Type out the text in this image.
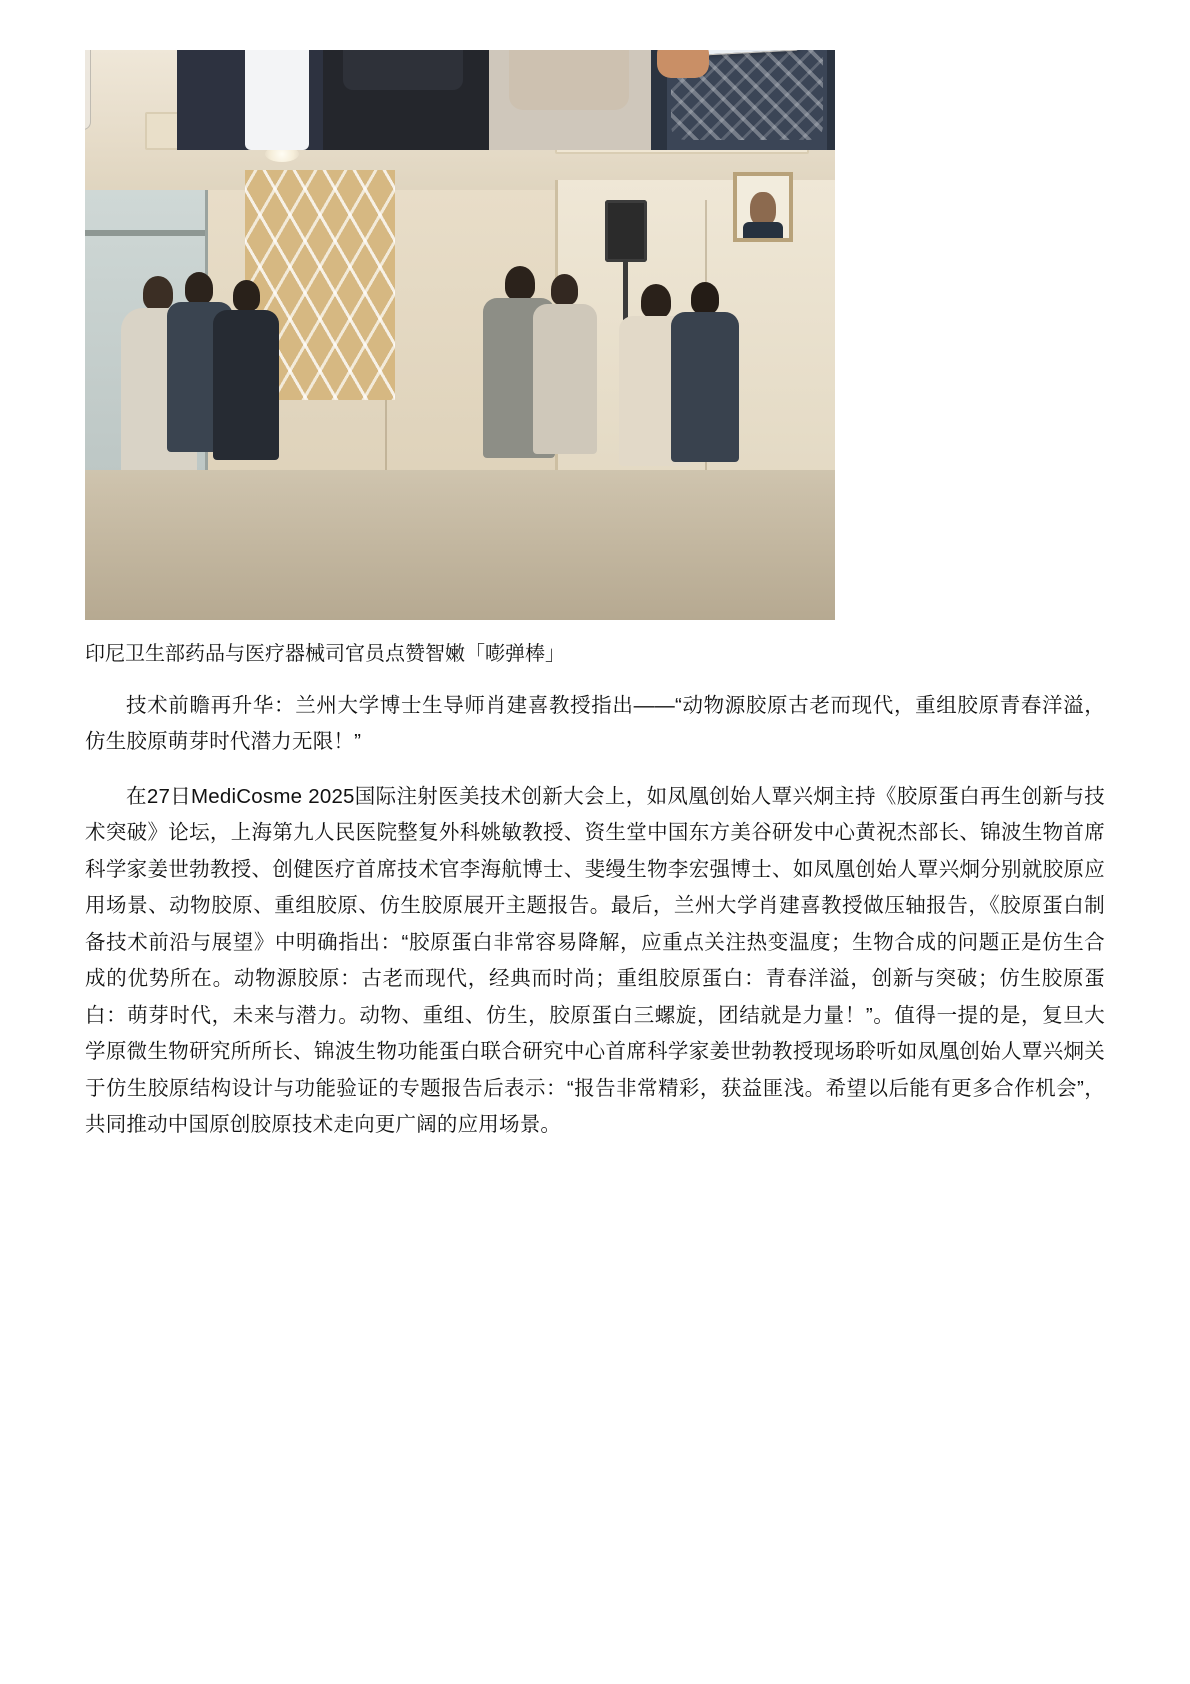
印尼卫生部药品与医疗器械司官员点赞智嫩「嘭弹棒」

技术前瞻再升华：兰州大学博士生导师肖建喜教授指出——“动物源胶原古老而现代，重组胶原青春洋溢，仿生胶原萌芽时代潜力无限！”

在27日MediCosme 2025国际注射医美技术创新大会上，如凤凰创始人覃兴炯主持《胶原蛋白再生创新与技术突破》论坛，上海第九人民医院整复外科姚敏教授、资生堂中国东方美谷研发中心黄祝杰部长、锦波生物首席科学家姜世勃教授、创健医疗首席技术官李海航博士、斐缦生物李宏强博士、如凤凰创始人覃兴炯分别就胶原应用场景、动物胶原、重组胶原、仿生胶原展开主题报告。最后，兰州大学肖建喜教授做压轴报告，《胶原蛋白制备技术前沿与展望》中明确指出：“胶原蛋白非常容易降解，应重点关注热变温度；生物合成的问题正是仿生合成的优势所在。动物源胶原：古老而现代，经典而时尚；重组胶原蛋白：青春洋溢，创新与突破；仿生胶原蛋白：萌芽时代，未来与潜力。动物、重组、仿生，胶原蛋白三螺旋，团结就是力量！”。值得一提的是，复旦大学原微生物研究所所长、锦波生物功能蛋白联合研究中心首席科学家姜世勃教授现场聆听如凤凰创始人覃兴炯关于仿生胶原结构设计与功能验证的专题报告后表示：“报告非常精彩，获益匪浅。希望以后能有更多合作机会”，共同推动中国原创胶原技术走向更广阔的应用场景。
